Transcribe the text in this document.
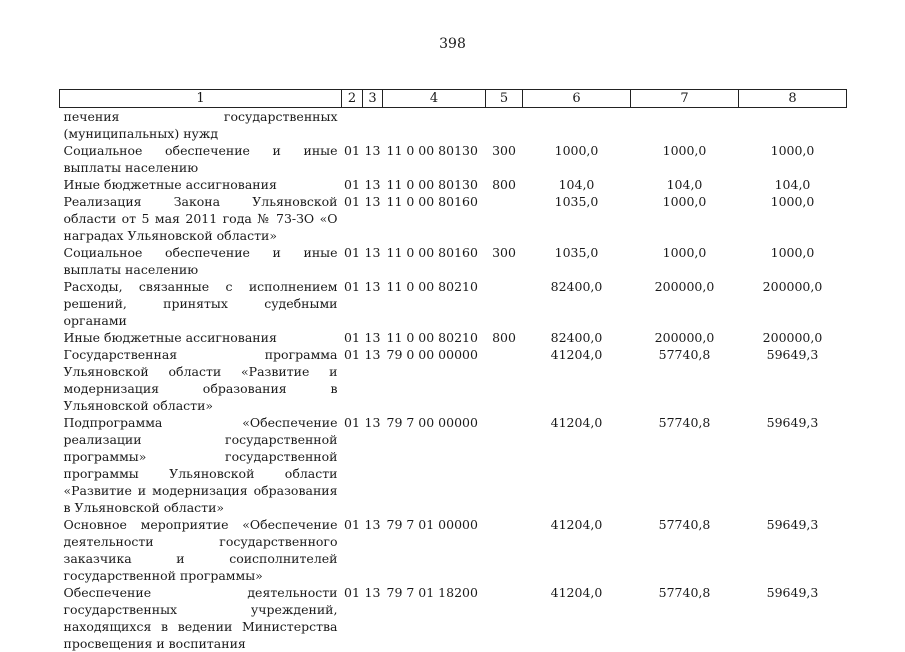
398
1	2	3	4	5	6	7	8
печения государственных (муниципальных) нужд							
Социальное обеспечение и иные выплаты населению	01	13	11 0 00 80130	300	1000,0	1000,0	1000,0
Иные бюджетные ассигнования	01	13	11 0 00 80130	800	104,0	104,0	104,0
Реализация Закона Ульяновской области от 5 мая 2011 года № 73-ЗО «О наградах Ульяновской области»	01	13	11 0 00 80160		1035,0	1000,0	1000,0
Социальное обеспечение и иные выплаты населению	01	13	11 0 00 80160	300	1035,0	1000,0	1000,0
Расходы, связанные с исполнением решений, принятых судебными органами	01	13	11 0 00 80210		82400,0	200000,0	200000,0
Иные бюджетные ассигнования	01	13	11 0 00 80210	800	82400,0	200000,0	200000,0
Государственная программа Ульяновской области «Развитие и модернизация образования в Ульяновской области»	01	13	79 0 00 00000		41204,0	57740,8	59649,3
Подпрограмма «Обеспечение реализации государственной программы» государственной программы Ульяновской области «Развитие и модернизация образования в Ульяновской области»	01	13	79 7 00 00000		41204,0	57740,8	59649,3
Основное мероприятие «Обеспечение деятельности государственного заказчика и соисполнителей государственной программы»	01	13	79 7 01 00000		41204,0	57740,8	59649,3
Обеспечение деятельности государственных учреждений, находящихся в ведении Министерства просвещения и воспитания	01	13	79 7 01 18200		41204,0	57740,8	59649,3
